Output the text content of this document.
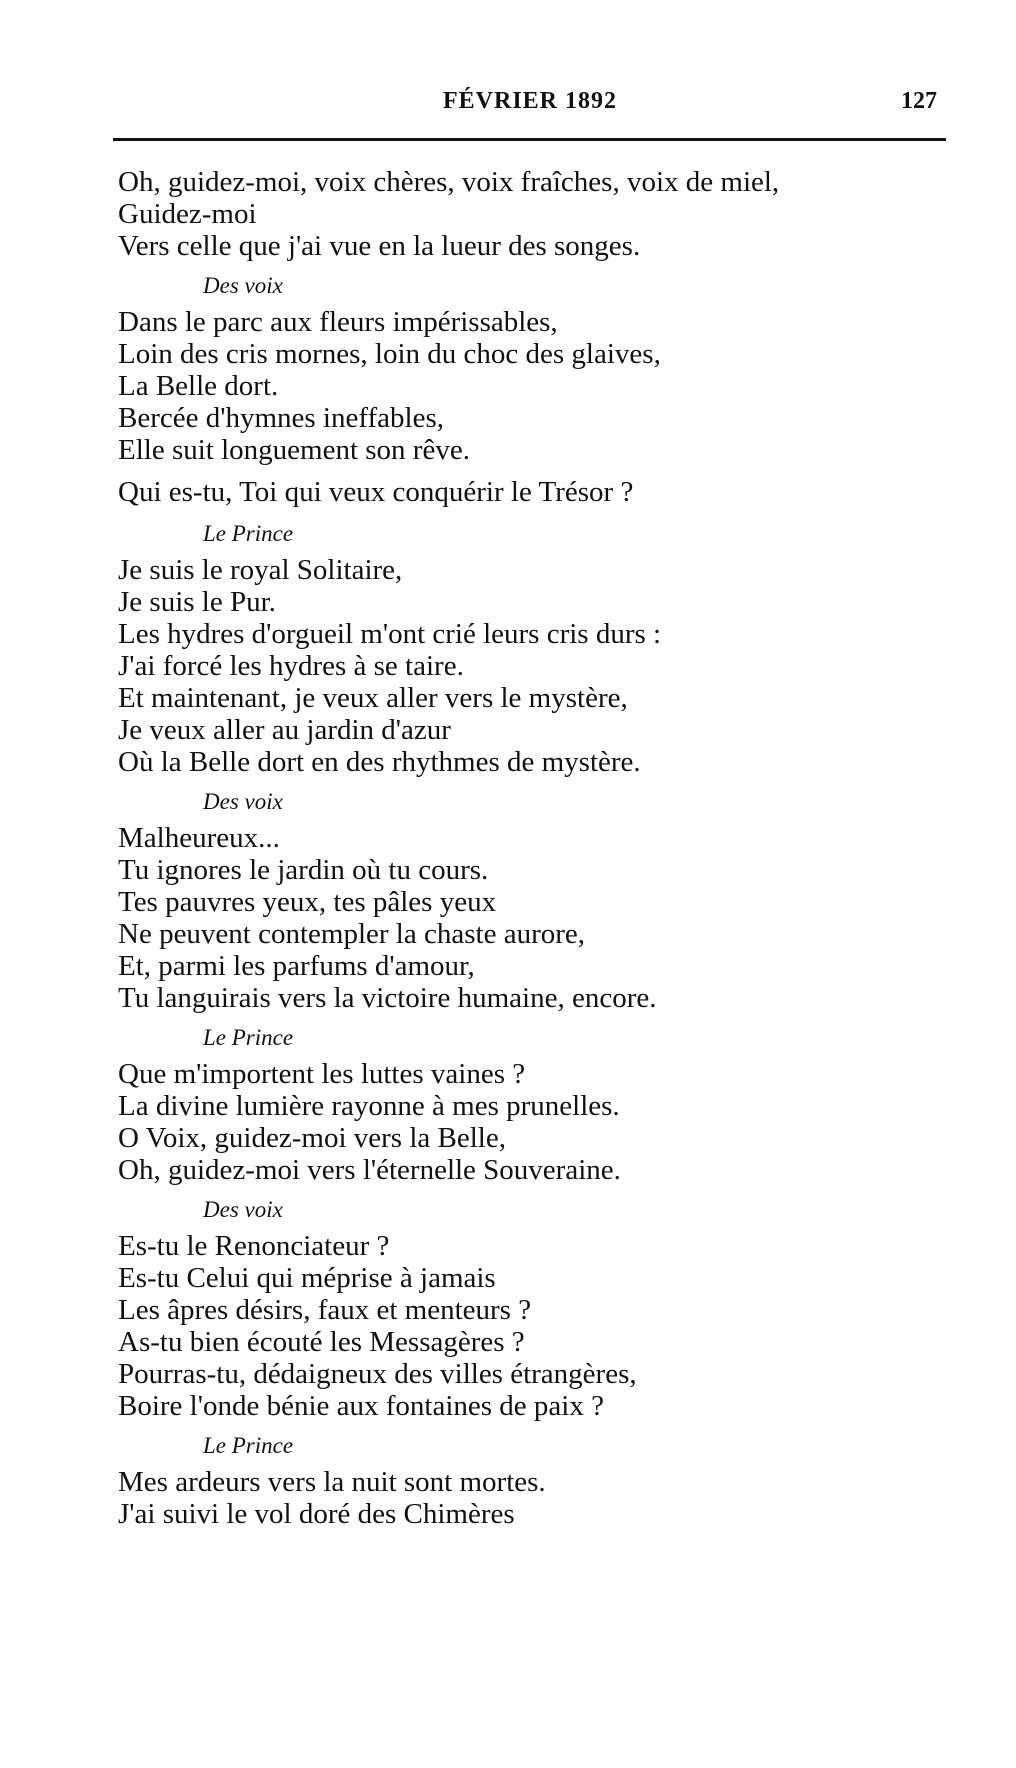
FÉVRIER 1892	127
Oh, guidez-moi, voix chères, voix fraîches, voix de miel,
Guidez-moi
Vers celle que j'ai vue en la lueur des songes.
Des voix
Dans le parc aux fleurs impérissables,
Loin des cris mornes, loin du choc des glaives,
La Belle dort.
Bercée d'hymnes ineffables,
Elle suit longuement son rêve.
Qui es-tu, Toi qui veux conquérir le Trésor ?
Le Prince
Je suis le royal Solitaire,
Je suis le Pur.
Les hydres d'orgueil m'ont crié leurs cris durs :
J'ai forcé les hydres à se taire.
Et maintenant, je veux aller vers le mystère,
Je veux aller au jardin d'azur
Où la Belle dort en des rhythmes de mystère.
Des voix
Malheureux...
Tu ignores le jardin où tu cours.
Tes pauvres yeux, tes pâles yeux
Ne peuvent contempler la chaste aurore,
Et, parmi les parfums d'amour,
Tu languirais vers la victoire humaine, encore.
Le Prince
Que m'importent les luttes vaines ?
La divine lumière rayonne à mes prunelles.
O Voix, guidez-moi vers la Belle,
Oh, guidez-moi vers l'éternelle Souveraine.
Des voix
Es-tu le Renonciateur ?
Es-tu Celui qui méprise à jamais
Les âpres désirs, faux et menteurs ?
As-tu bien écouté les Messagères ?
Pourras-tu, dédaigneux des villes étrangères,
Boire l'onde bénie aux fontaines de paix ?
Le Prince
Mes ardeurs vers la nuit sont mortes.
J'ai suivi le vol doré des Chimères
